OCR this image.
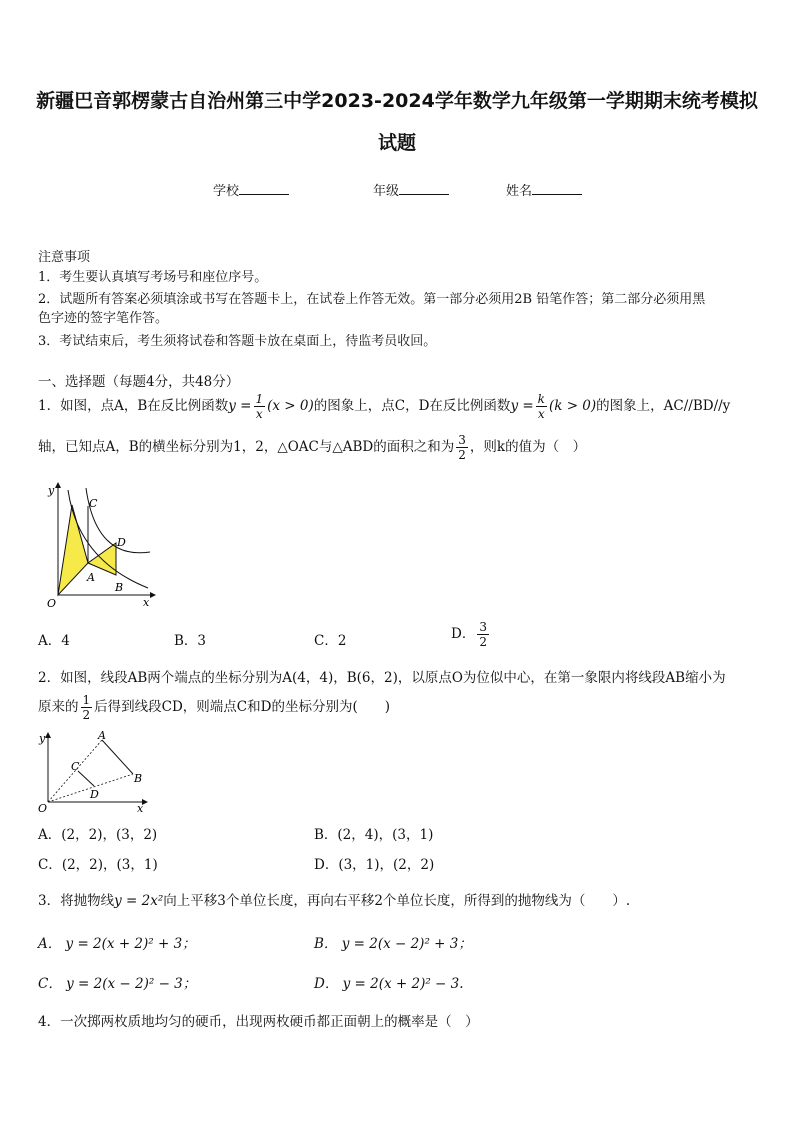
新疆巴音郭楞蒙古自治州第三中学2023-2024学年数学九年级第一学期期末统考模拟
试题
学校	年级	姓名
注意事项
1．考生要认真填写考场号和座位序号。
2．试题所有答案必须填涂或书写在答题卡上，在试卷上作答无效。第一部分必须用2B 铅笔作答；第二部分必须用黑
色字迹的签字笔作答。
3．考试结束后，考生须将试卷和答题卡放在桌面上，待监考员收回。
一、选择题（每题4分，共48分）
1．如图，点A，B在反比例函数$y = \frac{1}{x} (x > 0)$的图象上，点C，D在反比例函数$y = \frac{k}{x} (k > 0)$的图象上，AC//BD//y
轴，已知点A，B的横坐标分别为1，2，△OAC与△ABD的面积之和为 $\frac{3}{2}$ ，则k的值为（　）
y
x
O
A
B
C
D
A．4	B．3	C．2	D． $\frac{3}{2}$
2．如图，线段AB两个端点的坐标分别为A(4，4)，B(6，2)，以原点O为位似中心，在第一象限内将线段AB缩小为
原来的 $\frac{1}{2}$ 后得到线段CD，则端点C和D的坐标分别为(　　)
y
x
O
A
B
C
D
A．(2，2)，(3，2)	B．(2，4)，(3，1)
C．(2，2)，(3，1)	D．(3，1)，(2，2)
3．将抛物线y = 2x²向上平移3个单位长度，再向右平移2个单位长度，所得到的抛物线为（　　）.
A． y = 2(x + 2)² + 3；	B． y = 2(x − 2)² + 3；
C． y = 2(x − 2)² − 3；	D． y = 2(x + 2)² − 3.
4．一次掷两枚质地均匀的硬币，出现两枚硬币都正面朝上的概率是（　）
